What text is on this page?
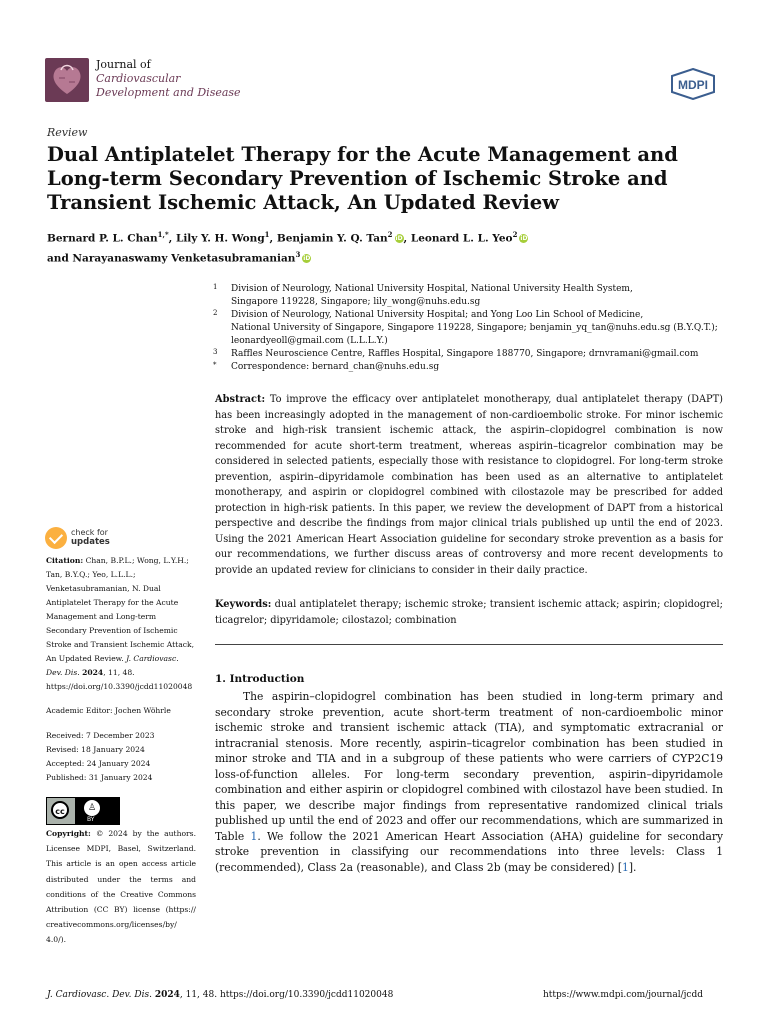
Journal of
Cardiovascular
Development and Disease
MDPI
Review
Dual Antiplatelet Therapy for the Acute Management and Long-term Secondary Prevention of Ischemic Stroke and Transient Ischemic Attack, An Updated Review
Bernard P. L. Chan$^{1,*}$, Lily Y. H. Wong$^1$, Benjamin Y. Q. Tan$^2$ iD, Leonard L. L. Yeo$^2$ iD
and Narayanaswamy Venketasubramanian$^3$ iD
1 Division of Neurology, National University Hospital, National University Health System,
Singapore 119228, Singapore; lily_wong@nuhs.edu.sg
2 Division of Neurology, National University Hospital; and Yong Loo Lin School of Medicine,
National University of Singapore, Singapore 119228, Singapore; benjamin_yq_tan@nuhs.edu.sg (B.Y.Q.T.);
leonardyeoll@gmail.com (L.L.L.Y.)
3 Raffles Neuroscience Centre, Raffles Hospital, Singapore 188770, Singapore; drnvramani@gmail.com
* Correspondence: bernard_chan@nuhs.edu.sg
Abstract: To improve the efficacy over antiplatelet monotherapy, dual antiplatelet therapy (DAPT) has been increasingly adopted in the management of non-cardioembolic stroke. For minor ischemic stroke and high-risk transient ischemic attack, the aspirin–clopidogrel combination is now recommended for acute short-term treatment, whereas aspirin–ticagrelor combination may be considered in selected patients, especially those with resistance to clopidogrel. For long-term stroke prevention, aspirin–dipyridamole combination has been used as an alternative to antiplatelet monotherapy, and aspirin or clopidogrel combined with cilostazole may be prescribed for added protection in high-risk patients. In this paper, we review the development of DAPT from a historical perspective and describe the findings from major clinical trials published up until the end of 2023. Using the 2021 American Heart Association guideline for secondary stroke prevention as a basis for our recommendations, we further discuss areas of controversy and more recent developments to provide an updated review for clinicians to consider in their daily practice.
Keywords: dual antiplatelet therapy; ischemic stroke; transient ischemic attack; aspirin; clopidogrel; ticagrelor; dipyridamole; cilostazol; combination
check for
updates
Citation: Chan, B.P.L.; Wong, L.Y.H.; Tan, B.Y.Q.; Yeo, L.L.L.; Venketasubramanian, N. Dual Antiplatelet Therapy for the Acute Management and Long-term Secondary Prevention of Ischemic Stroke and Transient Ischemic Attack, An Updated Review. J. Cardiovasc. Dev. Dis. 2024, 11, 48. https://doi.org/10.3390/jcdd11020048
Academic Editor: Jochen Wöhrle
Received: 7 December 2023
Revised: 18 January 2024
Accepted: 24 January 2024
Published: 31 January 2024
cc	♙
BY
Copyright: © 2024 by the authors. Licensee MDPI, Basel, Switzerland. This article is an open access article distributed under the terms and conditions of the Creative Commons Attribution (CC BY) license (https:// creativecommons.org/licenses/by/ 4.0/).
1. Introduction
The aspirin–clopidogrel combination has been studied in long-term primary and secondary stroke prevention, acute short-term treatment of non-cardioembolic minor ischemic stroke and transient ischemic attack (TIA), and symptomatic extracranial or intracranial stenosis. More recently, aspirin–ticagrelor combination has been studied in minor stroke and TIA and in a subgroup of these patients who were carriers of CYP2C19 loss-of-function alleles. For long-term secondary prevention, aspirin–dipyridamole combination and either aspirin or clopidogrel combined with cilostazol have been studied. In this paper, we describe major findings from representative randomized clinical trials published up until the end of 2023 and offer our recommendations, which are summarized in Table 1. We follow the 2021 American Heart Association (AHA) guideline for secondary stroke prevention in classifying our recommendations into three levels: Class 1 (recommended), Class 2a (reasonable), and Class 2b (may be considered) [1].
J. Cardiovasc. Dev. Dis. 2024, 11, 48. https://doi.org/10.3390/jcdd11020048	https://www.mdpi.com/journal/jcdd
